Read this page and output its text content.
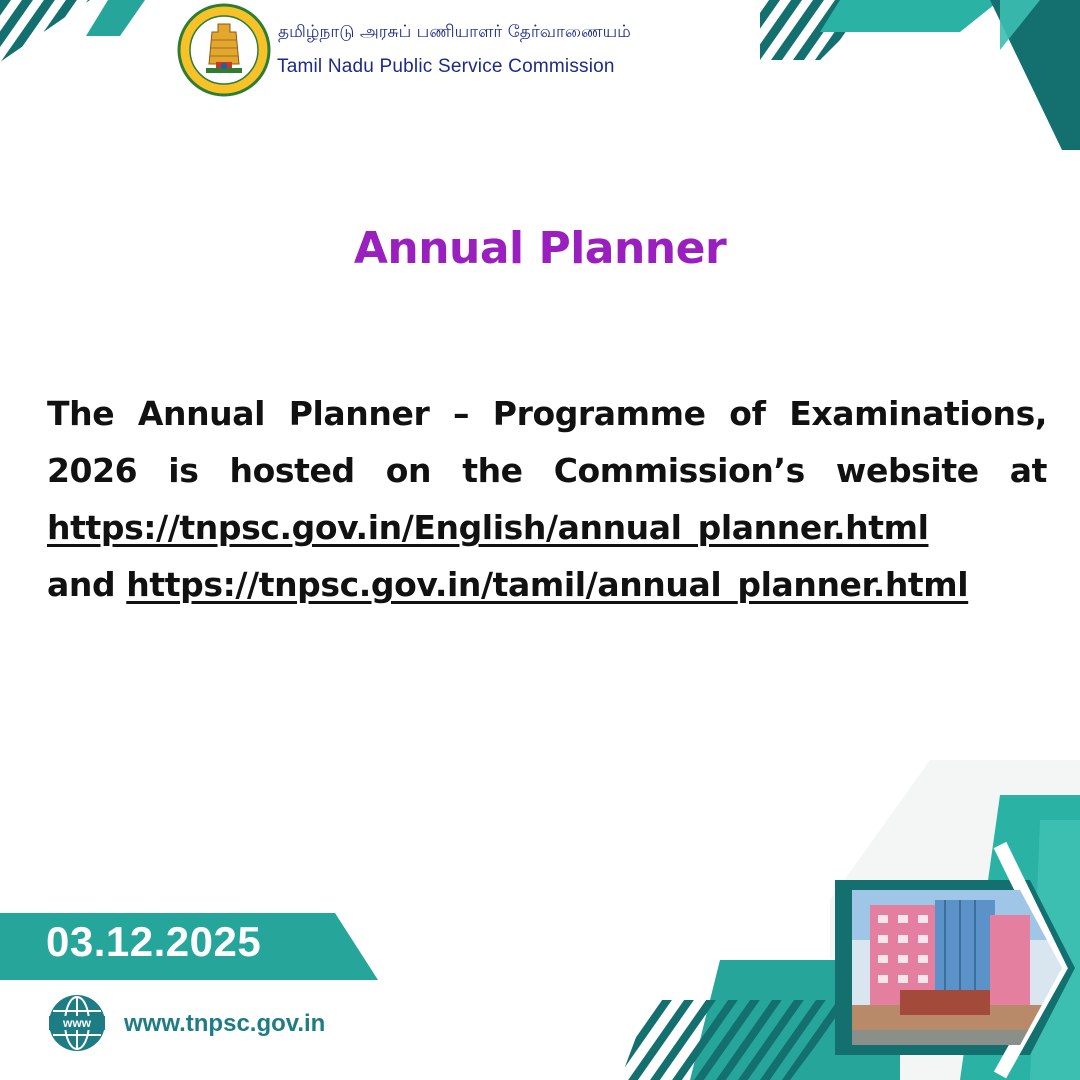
தமிழ்நாடு அரசுப் பணியாளர் தேர்வாணையம்
Tamil Nadu Public Service Commission
Annual Planner
The Annual Planner – Programme of Examinations,
2026 is hosted on the Commission’s website at
https://tnpsc.gov.in/English/annual_planner.html
and https://tnpsc.gov.in/tamil/annual_planner.html
03.12.2025
www www.tnpsc.gov.in
